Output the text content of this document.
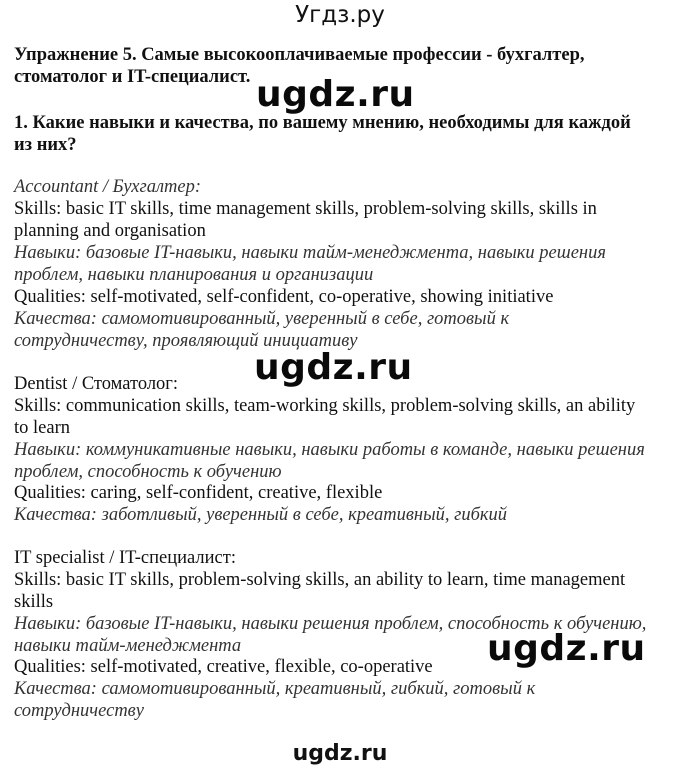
Угдз.ру
Упражнение 5. Самые высокооплачиваемые профессии - бухгалтер,
стоматолог и IT-специалист.
1. Какие навыки и качества, по вашему мнению, необходимы для каждой
из них?
Accountant / Бухгалтер:
Skills: basic IT skills, time management skills, problem-solving skills, skills in
planning and organisation
Навыки: базовые IT-навыки, навыки тайм-менеджмента, навыки решения
проблем, навыки планирования и организации
Qualities: self-motivated, self-confident, co-operative, showing initiative
Качества: самомотивированный, уверенный в себе, готовый к
сотрудничеству, проявляющий инициативу
Dentist / Стоматолог:
Skills: communication skills, team-working skills, problem-solving skills, an ability
to learn
Навыки: коммуникативные навыки, навыки работы в команде, навыки решения
проблем, способность к обучению
Qualities: caring, self-confident, creative, flexible
Качества: заботливый, уверенный в себе, креативный, гибкий
IT specialist / IT-специалист:
Skills: basic IT skills, problem-solving skills, an ability to learn, time management
skills
Навыки: базовые IT-навыки, навыки решения проблем, способность к обучению,
навыки тайм-менеджмента
Qualities: self-motivated, creative, flexible, co-operative
Качества: самомотивированный, креативный, гибкий, готовый к
сотрудничеству
ugdz.ru
ugdz.ru
ugdz.ru
ugdz.ru
